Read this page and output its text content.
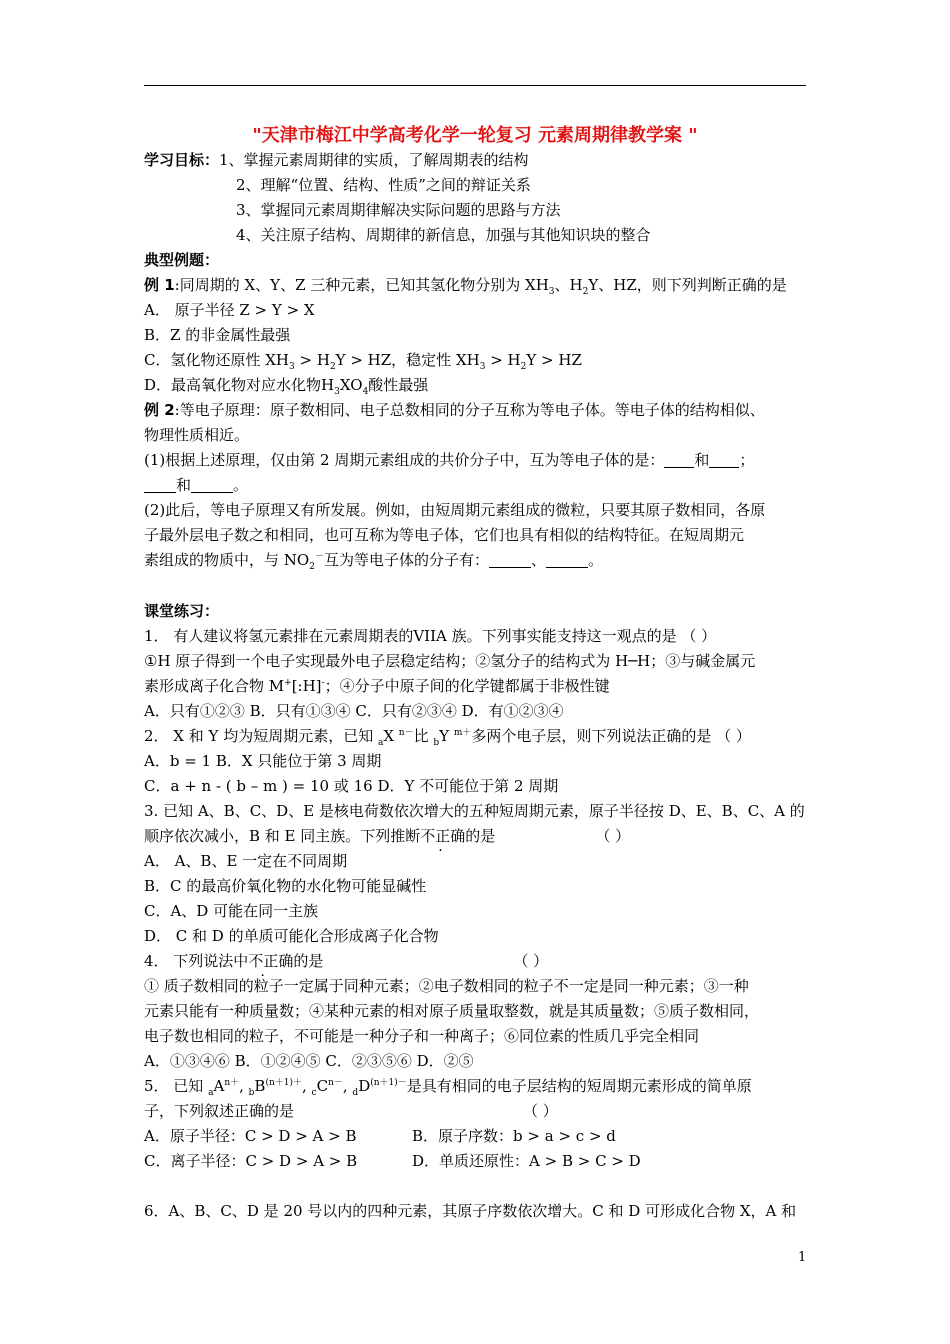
"天津市梅江中学高考化学一轮复习 元素周期律教学案 "
学习目标：1、掌握元素周期律的实质，了解周期表的结构
2、理解“位置、结构、性质”之间的辩证关系
3、掌握同元素周期律解决实际问题的思路与方法
4、关注原子结构、周期律的新信息，加强与其他知识块的整合
典型例题：
例 1:同周期的 X、Y、Z 三种元素，已知其氢化物分别为 $XH_3$、$H_2Y$、HZ，则下列判断正确的是
A． 原子半径 Z > Y > X
B．Z 的非金属性最强
C．氢化物还原性 $XH_3 > H_2Y$ > HZ，稳定性 $XH_3 > H_2Y$ > HZ
D．最高氧化物对应水化物$H_3XO_4$酸性最强
例 2:等电子原理：原子数相同、电子总数相同的分子互称为等电子体。等电子体的结构相似、
物理性质相近。
(1)根据上述原理，仅由第 2 周期元素组成的共价分子中，互为等电子体的是： 和 ；
和	。
(2)此后，等电子原理又有所发展。例如，由短周期元素组成的微粒，只要其原子数相同，各原
子最外层电子数之和相同，也可互称为等电子体，它们也具有相似的结构特征。在短周期元
素组成的物质中，与 $NO_2^-$互为等电子体的分子有：	、	。
课堂练习：
1． 有人建议将氢元素排在元素周期表的VIIA 族。下列事实能支持这一观点的是 （ ）
①H 原子得到一个电子实现最外电子层稳定结构；②氢分子的结构式为 H─H；③与碱金属元
素形成离子化合物 M+[:H]-；④分子中原子间的化学键都属于非极性键
A．只有①②③ B．只有①③④ C．只有②③④ D．有①②③④
2． X 和 Y 均为短周期元素，已知 $_a$X $^{n-}$比 $_b$Y $^{m+}$多两个电子层，则下列说法正确的是 （ ）
A．b = 1 B．X 只能位于第 3 周期
C．a + n - ( b – m ) = 10 或 16 D．Y 不可能位于第 2 周期
3. 已知 A、B、C、D、E 是核电荷数依次增大的五种短周期元素，原子半径按 D、E、B、C、A 的
顺序依次减小，B 和 E 同主族。下列推断不正确的是	（ ）
A． A、B、E 一定在不同周期
B．C 的最高价氧化物的水化物可能显碱性
C．A、D 可能在同一主族
D． C 和 D 的单质可能化合形成离子化合物
4． 下列说法中不正确的是	（ ）
① 质子数相同的粒子一定属于同种元素；②电子数相同的粒子不一定是同一种元素；③一种
元素只能有一种质量数；④某种元素的相对原子质量取整数，就是其质量数；⑤质子数相同，
电子数也相同的粒子，不可能是一种分子和一种离子；⑥同位素的性质几乎完全相同
A．①③④⑥ B．①②④⑤ C．②③⑤⑥ D．②⑤
5． 已知 $_aA^{n+}$, $_bB^{(n+1)+}$, $_cC^{n-}$, $_dD^{(n+1)-}$是具有相同的电子层结构的短周期元素形成的简单原
子，下列叙述正确的是	（ ）
A．原子半径：C > D > A > B	B．原子序数：b > a > c > d
C．离子半径：C > D > A > B	D．单质还原性：A > B > C > D
6．A、B、C、D 是 20 号以内的四种元素，其原子序数依次增大。C 和 D 可形成化合物 X，A 和
1
